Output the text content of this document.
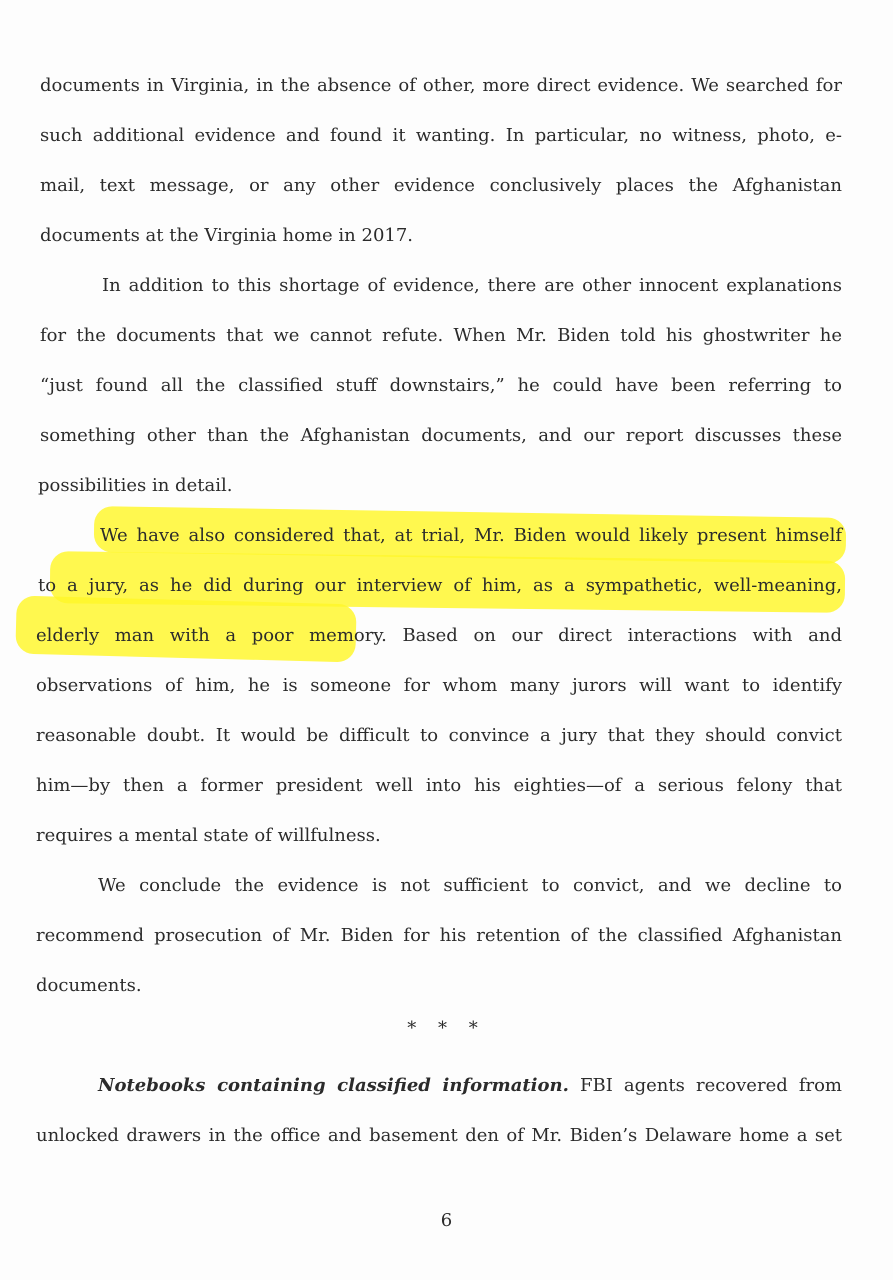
documents in Virginia, in the absence of other, more direct evidence. We searched for
such additional evidence and found it wanting. In particular, no witness, photo, e-
mail, text message, or any other evidence conclusively places the Afghanistan
documents at the Virginia home in 2017.
In addition to this shortage of evidence, there are other innocent explanations
for the documents that we cannot refute. When Mr. Biden told his ghostwriter he
“just found all the classified stuff downstairs,” he could have been referring to
something other than the Afghanistan documents, and our report discusses these
possibilities in detail.
We have also considered that, at trial, Mr. Biden would likely present himself
to a jury, as he did during our interview of him, as a sympathetic, well-meaning,
elderly man with a poor memory. Based on our direct interactions with and
observations of him, he is someone for whom many jurors will want to identify
reasonable doubt. It would be difficult to convince a jury that they should convict
him—by then a former president well into his eighties—of a serious felony that
requires a mental state of willfulness.
We conclude the evidence is not sufficient to convict, and we decline to
recommend prosecution of Mr. Biden for his retention of the classified Afghanistan
documents.
* * *
Notebooks containing classified information. FBI agents recovered from
unlocked drawers in the office and basement den of Mr. Biden’s Delaware home a set
6
